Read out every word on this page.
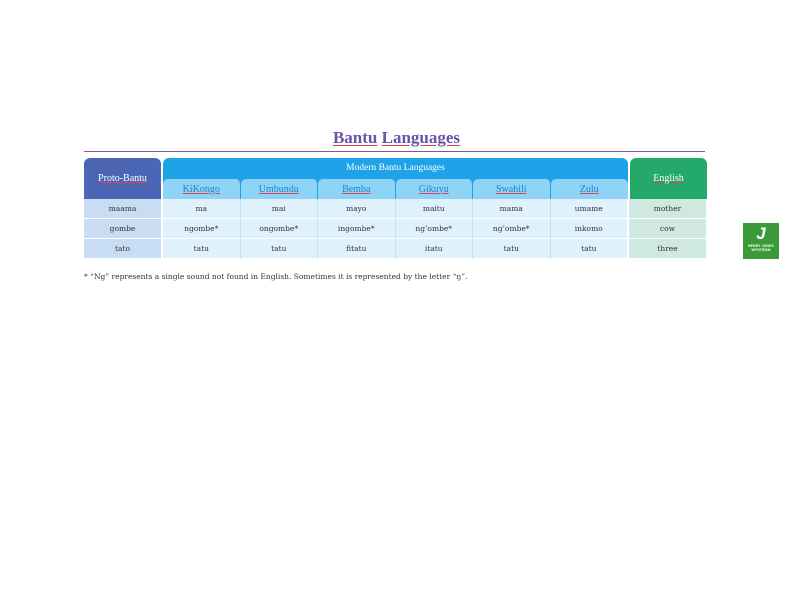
Bantu Languages
Proto-Bantu
Modern Bantu Languages
KiKongo	Umbundu	Bemba	Gikuyu	Swahili	Zulu
English
maama	ma	mai	mayo	maitu	mama	umame	mother
gombe	ngombe*	ongombe*	ingombe*	ng’ombe*	ng’ombe*	inkomo	cow
tato	tatu	tatu	fitatu	itatu	tatu	tatu	three
* “Ng” represents a single sound not found in English. Sometimes it is represented by the letter “ŋ”.
J
HENRY JONES
WYSTROM
